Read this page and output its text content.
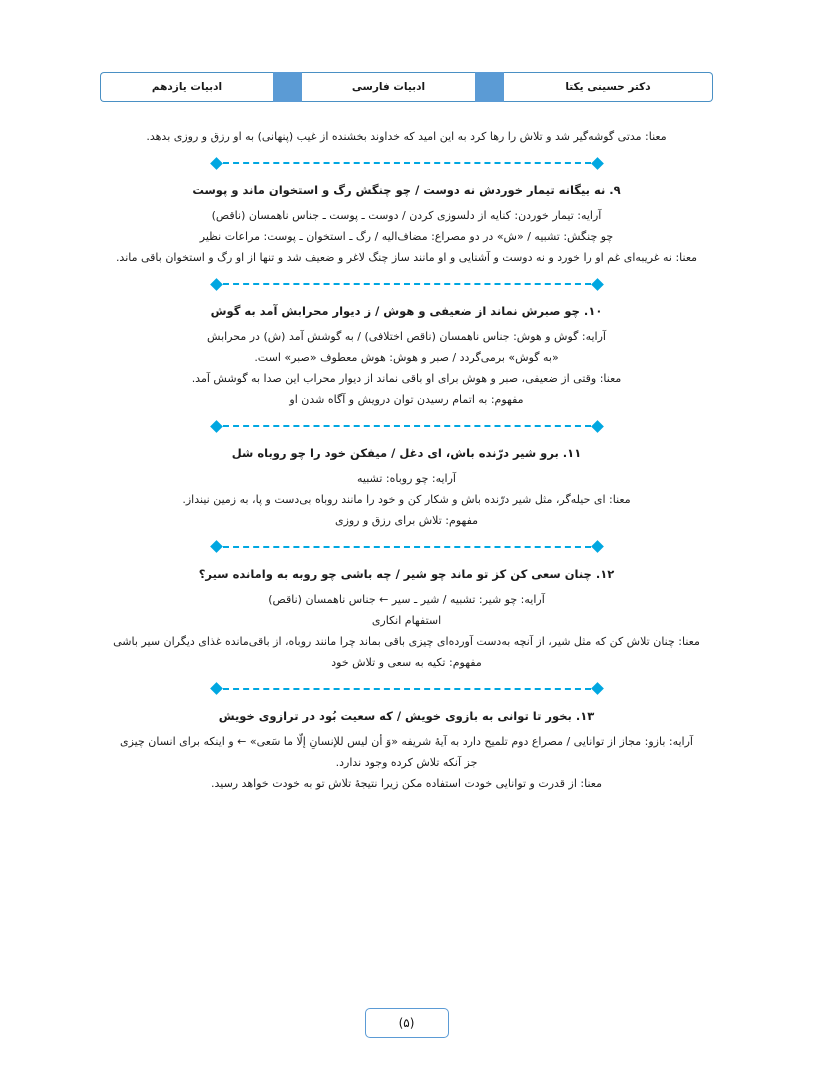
دکتر حسینی یکتا
ادبیات فارسی
ادبیات یازدهم

معنا: مدتی گوشه‌گیر شد و تلاش را رها کرد به این امید که خداوند بخشنده از غیب (پنهانی) به او رزق و روزی بدهد.

۹. نه بیگانه تیمار خوردش نه دوست / چو چنگش رگ و استخوان ماند و پوست

آرایه: تیمار خوردن: کنایه از دلسوزی کردن / دوست ـ پوست ـ جناس ناهمسان (ناقص)

چو چنگش: تشبیه / «ش» در دو مصراع: مضاف‌الیه / رگ ـ استخوان ـ پوست: مراعات نظیر

معنا: نه غریبه‌ای غم او را خورد و نه دوست و آشنایی و او مانند ساز چنگ لاغر و ضعیف شد و تنها از او رگ و استخوان باقی ماند.

۱۰. چو صبرش نماند از ضعیفی و هوش / ز دیوار محرابش آمد به گوش

آرایه: گوش و هوش: جناس ناهمسان (ناقص اختلافی) / به گوشش آمد (ش) در محرابش

«به گوش» برمی‌گردد / صبر و هوش: هوش معطوف «صبر» است.

معنا: وقتی از ضعیفی، صبر و هوش برای او باقی نماند از دیوار محراب این صدا به گوشش آمد.

مفهوم: به اتمام رسیدن توان درویش و آگاه شدن او

۱۱. برو شیر درّنده باش، ای دغل / میفکن خود را چو روباه شل

آرایه: چو روباه: تشبیه

معنا: ای حیله‌گر، مثل شیر درّنده باش و شکار کن و خود را مانند روباه بی‌دست و پا، به زمین نینداز.

مفهوم: تلاش برای رزق و روزی

۱۲. چنان سعی کن کز تو ماند چو شیر / چه باشی چو روبه به وامانده سیر؟

آرایه: چو شیر: تشبیه / شیر ـ سیر ← جناس ناهمسان (ناقص)

استفهام انکاری

معنا: چنان تلاش کن که مثل شیر، از آنچه به‌دست آورده‌ای چیزی باقی بماند چرا مانند روباه، از باقی‌مانده غذای دیگران سیر باشی

مفهوم: تکیه به سعی و تلاش خود

۱۳. بخور تا توانی به بازوی خویش / که سعیت بُود در ترازوی خویش

آرایه: بازو: مجاز از توانایی / مصراع دوم تلمیح دارد به آیۀ شریفه «وَ أن لیس للإنسانِ إلّا ما سَعی» ← و اینکه برای انسان چیزی

جز آنکه تلاش کرده وجود ندارد.

معنا: از قدرت و توانایی خودت استفاده مکن زیرا نتیجۀ تلاش تو به خودت خواهد رسید.

(۵)
